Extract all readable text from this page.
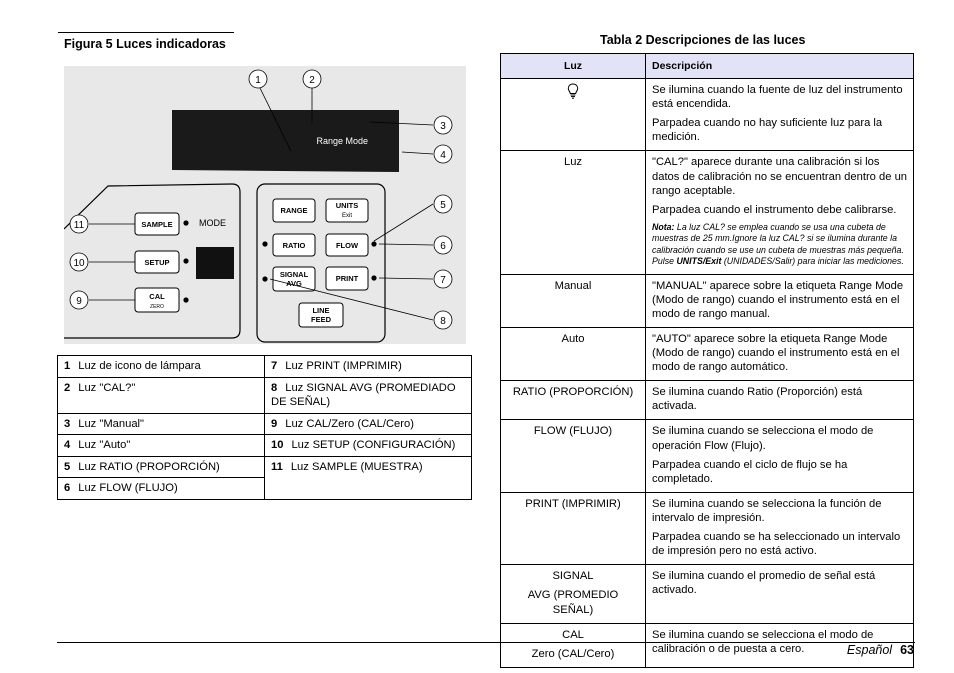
Figura 5 Luces indicadoras
Range Mode
SAMPLE
SETUP
CAL
ZERO
RANGE
UNITS
Exit
RATIO	FLOW
SIGNAL
AVG
PRINT
LINE
FEED
MODE
1	2
3
4
5
6
7
8
9
10
11
1 Luz de icono de lámpara	7 Luz PRINT (IMPRIMIR)
2 Luz "CAL?"	8 Luz SIGNAL AVG (PROMEDIADO DE SEÑAL)
3 Luz "Manual"	9 Luz CAL/Zero (CAL/Cero)
4 Luz "Auto"	10 Luz SETUP (CONFIGURACIÓN)
5 Luz RATIO (PROPORCIÓN)	11 Luz SAMPLE (MUESTRA)
6 Luz FLOW (FLUJO)	
Tabla 2 Descripciones de las luces
Luz	Descripción

Se ilumina cuando la fuente de luz del instrumento está encendida.

Parpadea cuando no hay suficiente luz para la medición.

Luz	"CAL?" aparece durante una calibración si los datos de calibración no se encuentran dentro de un rango aceptable.

Parpadea cuando el instrumento debe calibrarse.

Nota: La luz CAL? se emplea cuando se usa una cubeta de muestras de 25 mm.Ignore la luz CAL? si se ilumina durante la calibración cuando se use un cubeta de muestras más pequeña. Pulse UNITS/Exit (UNIDADES/Salir) para iniciar las mediciones.

Manual	"MANUAL" aparece sobre la etiqueta Range Mode (Modo de rango) cuando el instrumento está en el modo de rango manual.

Auto	"AUTO" aparece sobre la etiqueta Range Mode (Modo de rango) cuando el instrumento está en el modo de rango automático.

RATIO (PROPORCIÓN)	Se ilumina cuando Ratio (Proporción) está activada.

FLOW (FLUJO)	Se ilumina cuando se selecciona el modo de operación Flow (Flujo).

Parpadea cuando el ciclo de flujo se ha completado.

PRINT (IMPRIMIR)	Se ilumina cuando se selecciona la función de intervalo de impresión.

Parpadea cuando se ha seleccionado un intervalo de impresión pero no está activo.

SIGNAL

AVG (PROMEDIO SEÑAL)	Se ilumina cuando el promedio de señal está activado.

CAL

Zero (CAL/Cero)	Se ilumina cuando se selecciona el modo de calibración o de puesta a cero.	Español 63
